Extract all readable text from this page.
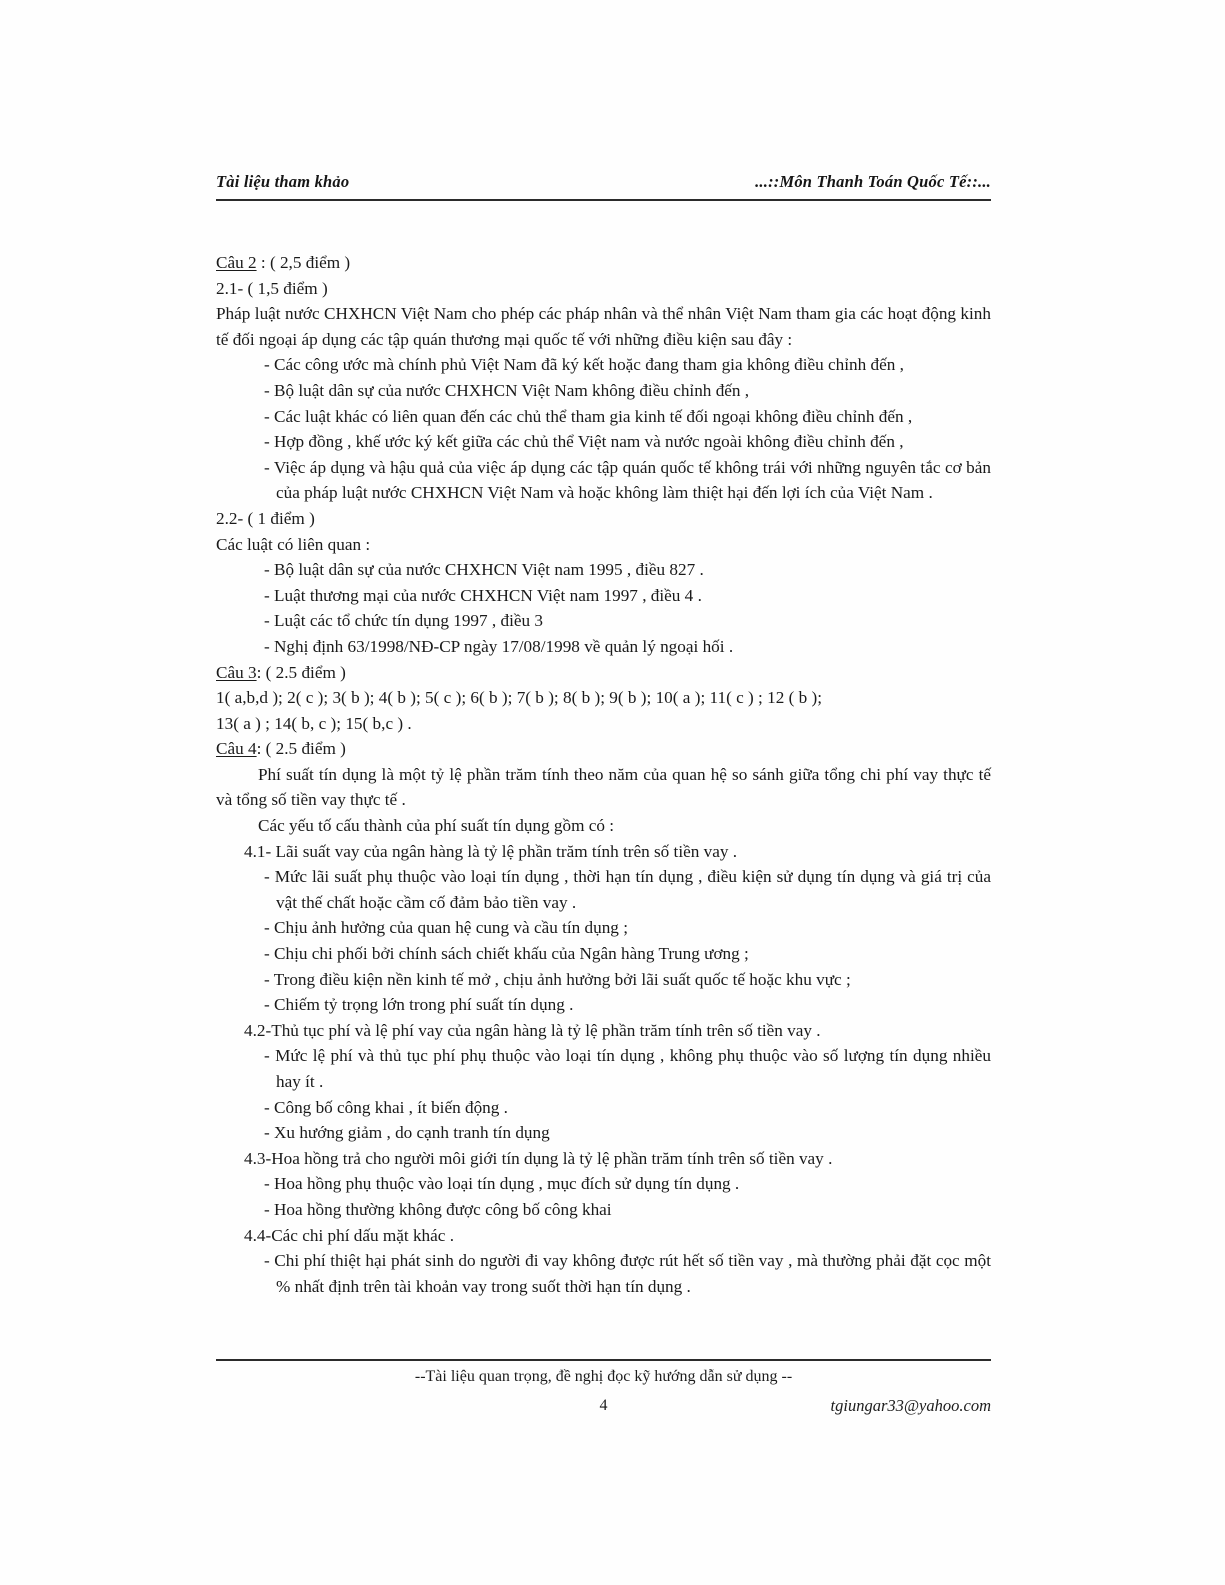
Tài liệu tham khảo	...::Môn Thanh Toán Quốc Tế::...

Câu 2 : ( 2,5 điểm )

2.1- ( 1,5 điểm )

Pháp luật nước CHXHCN Việt Nam cho phép các pháp nhân và thể nhân Việt Nam tham gia các hoạt động kinh tế đối ngoại áp dụng các tập quán thương mại quốc tế với những điều kiện sau đây :

- Các công ước mà chính phủ Việt Nam đã ký kết hoặc đang tham gia không điều chỉnh đến ,

- Bộ luật dân sự của nước CHXHCN Việt Nam không điều chỉnh đến ,

- Các luật khác có liên quan đến các chủ thể tham gia kinh tế đối ngoại không điều chỉnh đến ,

- Hợp đồng , khế ước ký kết giữa các chủ thể Việt nam và nước ngoài không điều chỉnh đến ,

- Việc áp dụng và hậu quả của việc áp dụng các tập quán quốc tế không trái với những nguyên tắc cơ bản của pháp luật nước CHXHCN Việt Nam và hoặc không làm thiệt hại đến lợi ích của Việt Nam .

2.2- ( 1 điểm )

Các luật có liên quan :

- Bộ luật dân sự của nước CHXHCN Việt nam 1995 , điều 827 .

- Luật thương mại của nước CHXHCN Việt nam 1997 , điều 4 .

- Luật các tổ chức tín dụng 1997 , điều 3

- Nghị định 63/1998/NĐ-CP ngày 17/08/1998 về quản lý ngoại hối .

Câu 3: ( 2.5 điểm )

1( a,b,d ); 2( c ); 3( b ); 4( b ); 5( c ); 6( b ); 7( b ); 8( b ); 9( b ); 10( a ); 11( c ) ; 12 ( b );

13( a ) ; 14( b, c ); 15( b,c ) .

Câu 4: ( 2.5 điểm )

Phí suất tín dụng là một tỷ lệ phần trăm tính theo năm của quan hệ so sánh giữa tổng chi phí vay thực tế và tổng số tiền vay thực tế .

Các yếu tố cấu thành của phí suất tín dụng gồm có :

4.1- Lãi suất vay của ngân hàng là tỷ lệ phần trăm tính trên số tiền vay .

- Mức lãi suất phụ thuộc vào loại tín dụng , thời hạn tín dụng , điều kiện sử dụng tín dụng và giá trị của vật thế chất hoặc cầm cố đảm bảo tiền vay .

- Chịu ảnh hưởng của quan hệ cung và cầu tín dụng ;

- Chịu chi phối bởi chính sách chiết khấu của Ngân hàng Trung ương ;

- Trong điều kiện nền kinh tế mở , chịu ảnh hưởng bởi lãi suất quốc tế hoặc khu vực ;

- Chiếm tỷ trọng lớn trong phí suất tín dụng .

4.2-Thủ tục phí và lệ phí vay của ngân hàng là tỷ lệ phần trăm tính trên số tiền vay .

- Mức lệ phí và thủ tục phí phụ thuộc vào loại tín dụng , không phụ thuộc vào số lượng tín dụng nhiều hay ít .

- Công bố công khai , ít biến động .

- Xu hướng giảm , do cạnh tranh tín dụng

4.3-Hoa hồng trả cho người môi giới tín dụng là tỷ lệ phần trăm tính trên số tiền vay .

- Hoa hồng phụ thuộc vào loại tín dụng , mục đích sử dụng tín dụng .

- Hoa hồng thường không được công bố công khai

4.4-Các chi phí dấu mặt khác .

- Chi phí thiệt hại phát sinh do người đi vay không được rút hết số tiền vay , mà thường phải đặt cọc một % nhất định trên tài khoản vay trong suốt thời hạn tín dụng .

--Tài liệu quan trọng, đề nghị đọc kỹ hướng dẫn sử dụng --
4	tgiungar33@yahoo.com
